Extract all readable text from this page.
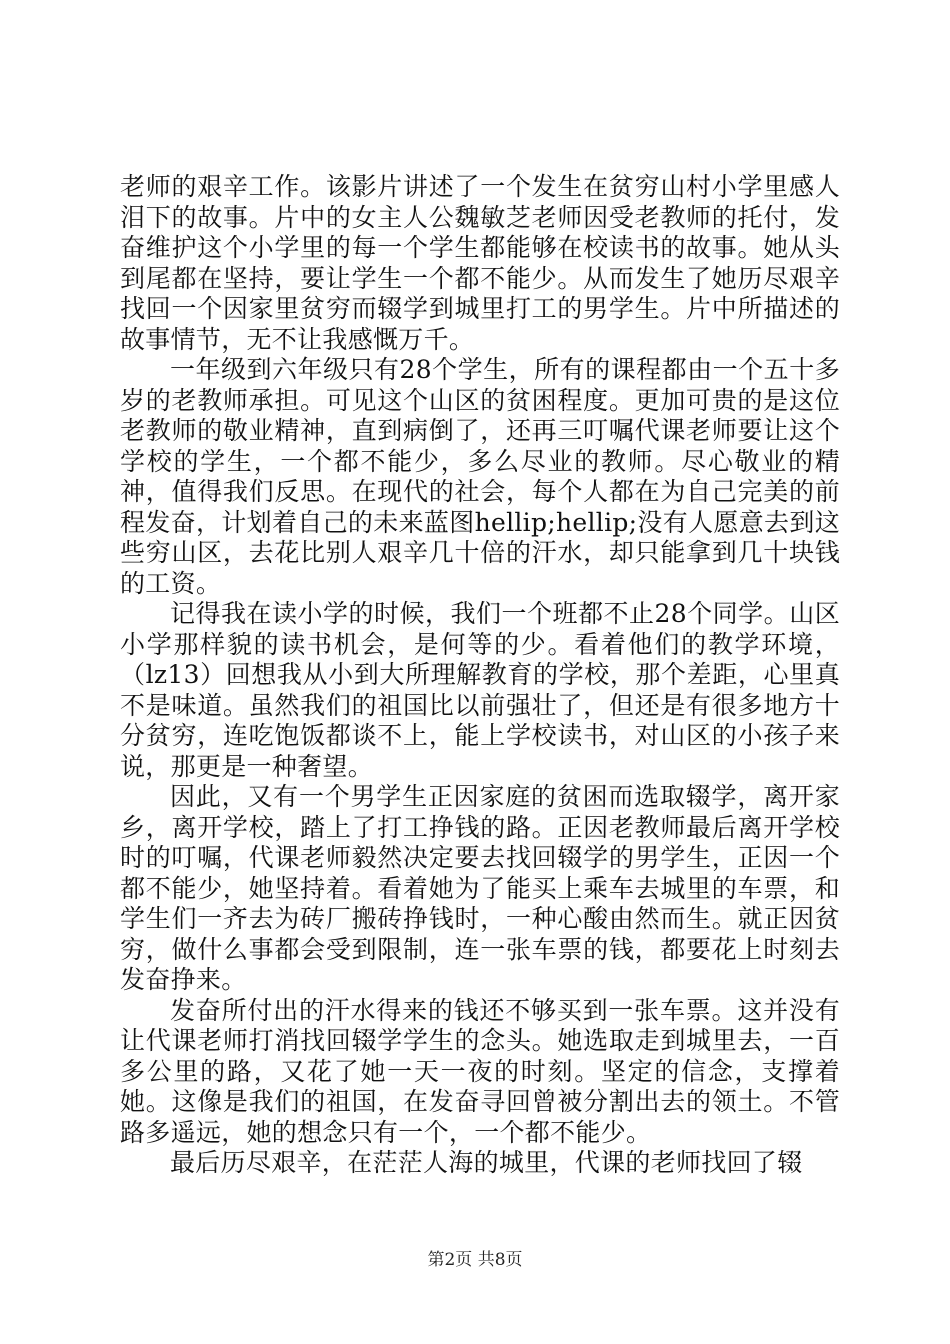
老师的艰辛工作。该影片讲述了一个发生在贫穷山村小学里感人泪下的故事。片中的女主人公魏敏芝老师因受老教师的托付，发奋维护这个小学里的每一个学生都能够在校读书的故事。她从头到尾都在坚持，要让学生一个都不能少。从而发生了她历尽艰辛找回一个因家里贫穷而辍学到城里打工的男学生。片中所描述的故事情节，无不让我感慨万千。

一年级到六年级只有28个学生，所有的课程都由一个五十多岁的老教师承担。可见这个山区的贫困程度。更加可贵的是这位老教师的敬业精神，直到病倒了，还再三叮嘱代课老师要让这个学校的学生，一个都不能少，多么尽业的教师。尽心敬业的精神，值得我们反思。在现代的社会，每个人都在为自己完美的前程发奋，计划着自己的未来蓝图hellip;hellip;没有人愿意去到这些穷山区，去花比别人艰辛几十倍的汗水，却只能拿到几十块钱的工资。

记得我在读小学的时候，我们一个班都不止28个同学。山区小学那样貌的读书机会，是何等的少。看着他们的教学环境，（lz13）回想我从小到大所理解教育的学校，那个差距，心里真不是味道。虽然我们的祖国比以前强壮了，但还是有很多地方十分贫穷，连吃饱饭都谈不上，能上学校读书，对山区的小孩子来说，那更是一种奢望。

因此，又有一个男学生正因家庭的贫困而选取辍学，离开家乡，离开学校，踏上了打工挣钱的路。正因老教师最后离开学校时的叮嘱，代课老师毅然决定要去找回辍学的男学生，正因一个都不能少，她坚持着。看着她为了能买上乘车去城里的车票，和学生们一齐去为砖厂搬砖挣钱时，一种心酸由然而生。就正因贫穷，做什么事都会受到限制，连一张车票的钱，都要花上时刻去发奋挣来。

发奋所付出的汗水得来的钱还不够买到一张车票。这并没有让代课老师打消找回辍学学生的念头。她选取走到城里去，一百多公里的路，又花了她一天一夜的时刻。坚定的信念，支撑着她。这像是我们的祖国，在发奋寻回曾被分割出去的领土。不管路多遥远，她的想念只有一个，一个都不能少。

最后历尽艰辛，在茫茫人海的城里，代课的老师找回了辍

第2页 共8页
